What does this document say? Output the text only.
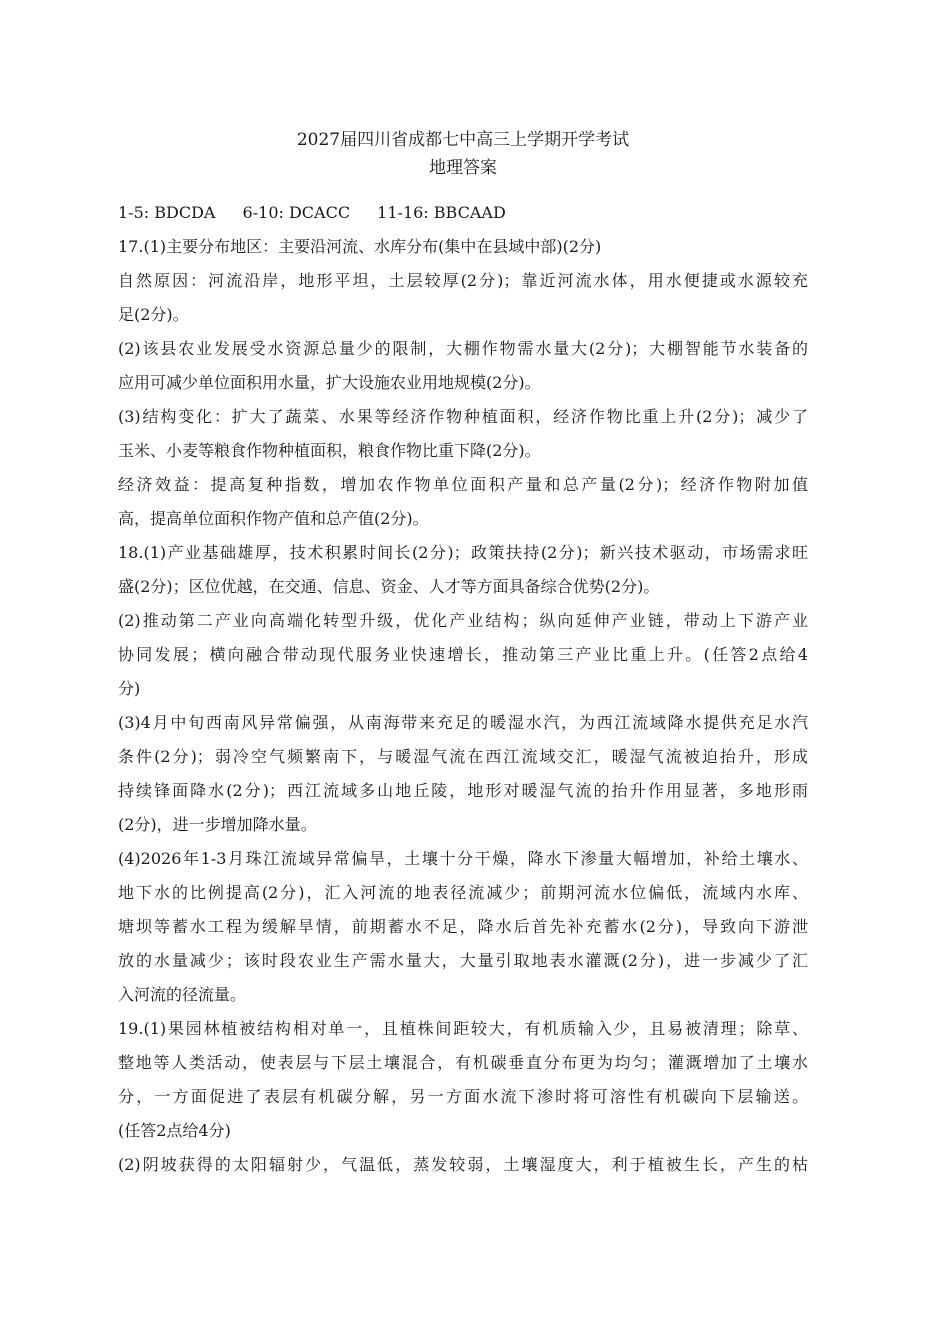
2027届四川省成都七中高三上学期开学考试
地理答案
1-5: BDCDA 6-10: DCACC 11-16: BBCAAD
17.(1)主要分布地区：主要沿河流、水库分布(集中在县域中部)(2分)
自然原因：河流沿岸，地形平坦，土层较厚(2分)；靠近河流水体，用水便捷或水源较充
足(2分)。
(2)该县农业发展受水资源总量少的限制，大棚作物需水量大(2分)；大棚智能节水装备的
应用可减少单位面积用水量，扩大设施农业用地规模(2分)。
(3)结构变化：扩大了蔬菜、水果等经济作物种植面积，经济作物比重上升(2分)；减少了
玉米、小麦等粮食作物种植面积，粮食作物比重下降(2分)。
经济效益：提高复种指数，增加农作物单位面积产量和总产量(2分)；经济作物附加值
高，提高单位面积作物产值和总产值(2分)。
18.(1)产业基础雄厚，技术积累时间长(2分)；政策扶持(2分)；新兴技术驱动，市场需求旺
盛(2分)；区位优越，在交通、信息、资金、人才等方面具备综合优势(2分)。
(2)推动第二产业向高端化转型升级，优化产业结构；纵向延伸产业链，带动上下游产业
协同发展；横向融合带动现代服务业快速增长，推动第三产业比重上升。(任答2点给4
分)
(3)4月中旬西南风异常偏强，从南海带来充足的暖湿水汽，为西江流域降水提供充足水汽
条件(2分)；弱冷空气频繁南下，与暖湿气流在西江流域交汇，暖湿气流被迫抬升，形成
持续锋面降水(2分)；西江流域多山地丘陵，地形对暖湿气流的抬升作用显著，多地形雨
(2分)，进一步增加降水量。
(4)2026年1-3月珠江流域异常偏旱，土壤十分干燥，降水下渗量大幅增加，补给土壤水、
地下水的比例提高(2分)，汇入河流的地表径流减少；前期河流水位偏低，流域内水库、
塘坝等蓄水工程为缓解旱情，前期蓄水不足，降水后首先补充蓄水(2分)，导致向下游泄
放的水量减少；该时段农业生产需水量大，大量引取地表水灌溉(2分)，进一步减少了汇
入河流的径流量。
19.(1)果园林植被结构相对单一，且植株间距较大，有机质输入少，且易被清理；除草、
整地等人类活动，使表层与下层土壤混合，有机碳垂直分布更为均匀；灌溉增加了土壤水
分，一方面促进了表层有机碳分解，另一方面水流下渗时将可溶性有机碳向下层输送。
(任答2点给4分)
(2)阴坡获得的太阳辐射少，气温低，蒸发较弱，土壤湿度大，利于植被生长，产生的枯
